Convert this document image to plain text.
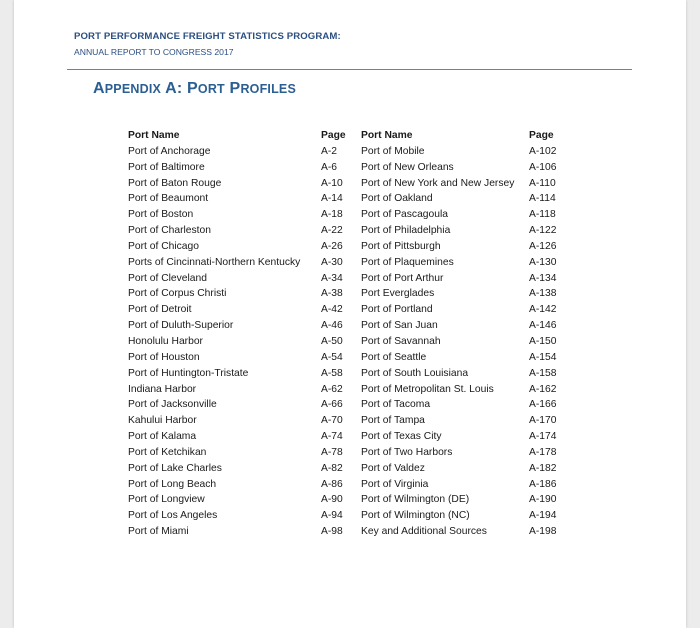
PORT PERFORMANCE FREIGHT STATISTICS PROGRAM:
ANNUAL REPORT TO CONGRESS 2017
APPENDIX A: PORT PROFILES
Port Name
Port of Anchorage
Port of Baltimore
Port of Baton Rouge
Port of Beaumont
Port of Boston
Port of Charleston
Port of Chicago
Ports of Cincinnati-Northern Kentucky
Port of Cleveland
Port of Corpus Christi
Port of Detroit
Port of Duluth-Superior
Honolulu Harbor
Port of Houston
Port of Huntington-Tristate
Indiana Harbor
Port of Jacksonville
Kahului Harbor
Port of Kalama
Port of Ketchikan
Port of Lake Charles
Port of Long Beach
Port of Longview
Port of Los Angeles
Port of Miami
Page
A-2
A-6
A-10
A-14
A-18
A-22
A-26
A-30
A-34
A-38
A-42
A-46
A-50
A-54
A-58
A-62
A-66
A-70
A-74
A-78
A-82
A-86
A-90
A-94
A-98
Port Name
Port of Mobile
Port of New Orleans
Port of New York and New Jersey
Port of Oakland
Port of Pascagoula
Port of Philadelphia
Port of Pittsburgh
Port of Plaquemines
Port of Port Arthur
Port Everglades
Port of Portland
Port of San Juan
Port of Savannah
Port of Seattle
Port of South Louisiana
Port of Metropolitan St. Louis
Port of Tacoma
Port of Tampa
Port of Texas City
Port of Two Harbors
Port of Valdez
Port of Virginia
Port of Wilmington (DE)
Port of Wilmington (NC)
Key and Additional Sources
Page
A-102
A-106
A-110
A-114
A-118
A-122
A-126
A-130
A-134
A-138
A-142
A-146
A-150
A-154
A-158
A-162
A-166
A-170
A-174
A-178
A-182
A-186
A-190
A-194
A-198
